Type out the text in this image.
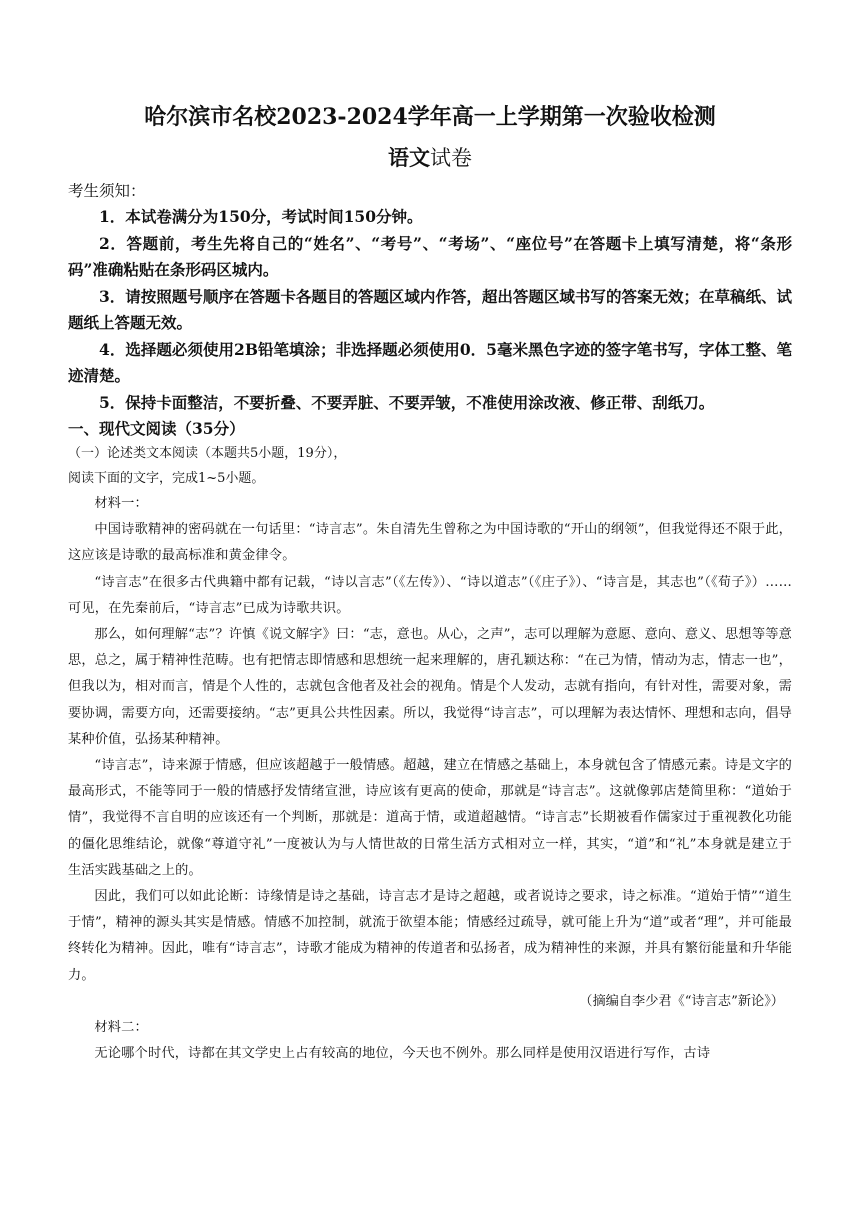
哈尔滨市名校2023-2024学年高一上学期第一次验收检测
语文试卷

考生须知：

1．本试卷满分为150分，考试时间150分钟。

2．答题前，考生先将自己的“姓名”、“考号”、“考场”、“座位号”在答题卡上填写清楚，将“条形码”准确粘贴在条形码区城内。

3．请按照题号顺序在答题卡各题目的答题区域内作答，超出答题区域书写的答案无效；在草稿纸、试题纸上答题无效。

4．选择题必须使用2B铅笔填涂；非选择题必须使用0．5毫米黑色字迹的签字笔书写，字体工整、笔迹清楚。

5．保持卡面整洁，不要折叠、不要弄脏、不要弄皱，不准使用涂改液、修正带、刮纸刀。

一、现代文阅读（35分）

（一）论述类文本阅读（本题共5小题，19分），

阅读下面的文字，完成1~5小题。

材料一：

中国诗歌精神的密码就在一句话里：“诗言志”。朱自清先生曾称之为中国诗歌的“开山的纲领”，但我觉得还不限于此，这应该是诗歌的最高标准和黄金律令。

“诗言志”在很多古代典籍中都有记载，“诗以言志”（《左传》）、“诗以道志”（《庄子》）、“诗言是，其志也”（《荀子》）……可见，在先秦前后，“诗言志”已成为诗歌共识。

那么，如何理解“志”？许慎《说文解字》曰：“志，意也。从心，之声”，志可以理解为意愿、意向、意义、思想等等意思，总之，属于精神性范畴。也有把情志即情感和思想统一起来理解的，唐孔颖达称：“在己为情，情动为志，情志一也”，但我以为，相对而言，情是个人性的，志就包含他者及社会的视角。情是个人发动，志就有指向，有针对性，需要对象，需要协调，需要方向，还需要接纳。“志”更具公共性因素。所以，我觉得“诗言志”，可以理解为表达情怀、理想和志向，倡导某种价值，弘扬某种精神。

“诗言志”，诗来源于情感，但应该超越于一般情感。超越，建立在情感之基础上，本身就包含了情感元素。诗是文字的最高形式，不能等同于一般的情感抒发情绪宣泄，诗应该有更高的使命，那就是“诗言志”。这就像郭店楚简里称：“道始于情”，我觉得不言自明的应该还有一个判断，那就是：道高于情，或道超越情。“诗言志”长期被看作儒家过于重视教化功能的僵化思维结论，就像“尊道守礼”一度被认为与人情世故的日常生活方式相对立一样，其实，“道”和“礼”本身就是建立于生活实践基础之上的。

因此，我们可以如此论断：诗缘情是诗之基础，诗言志才是诗之超越，或者说诗之要求，诗之标准。“道始于情”“道生于情”，精神的源头其实是情感。情感不加控制，就流于欲望本能；情感经过疏导，就可能上升为“道”或者“理”，并可能最终转化为精神。因此，唯有“诗言志”，诗歌才能成为精神的传道者和弘扬者，成为精神性的来源，并具有繁衍能量和升华能力。

（摘编自李少君《“诗言志”新论》）

材料二：

无论哪个时代，诗都在其文学史上占有较高的地位，今天也不例外。那么同样是使用汉语进行写作，古诗
